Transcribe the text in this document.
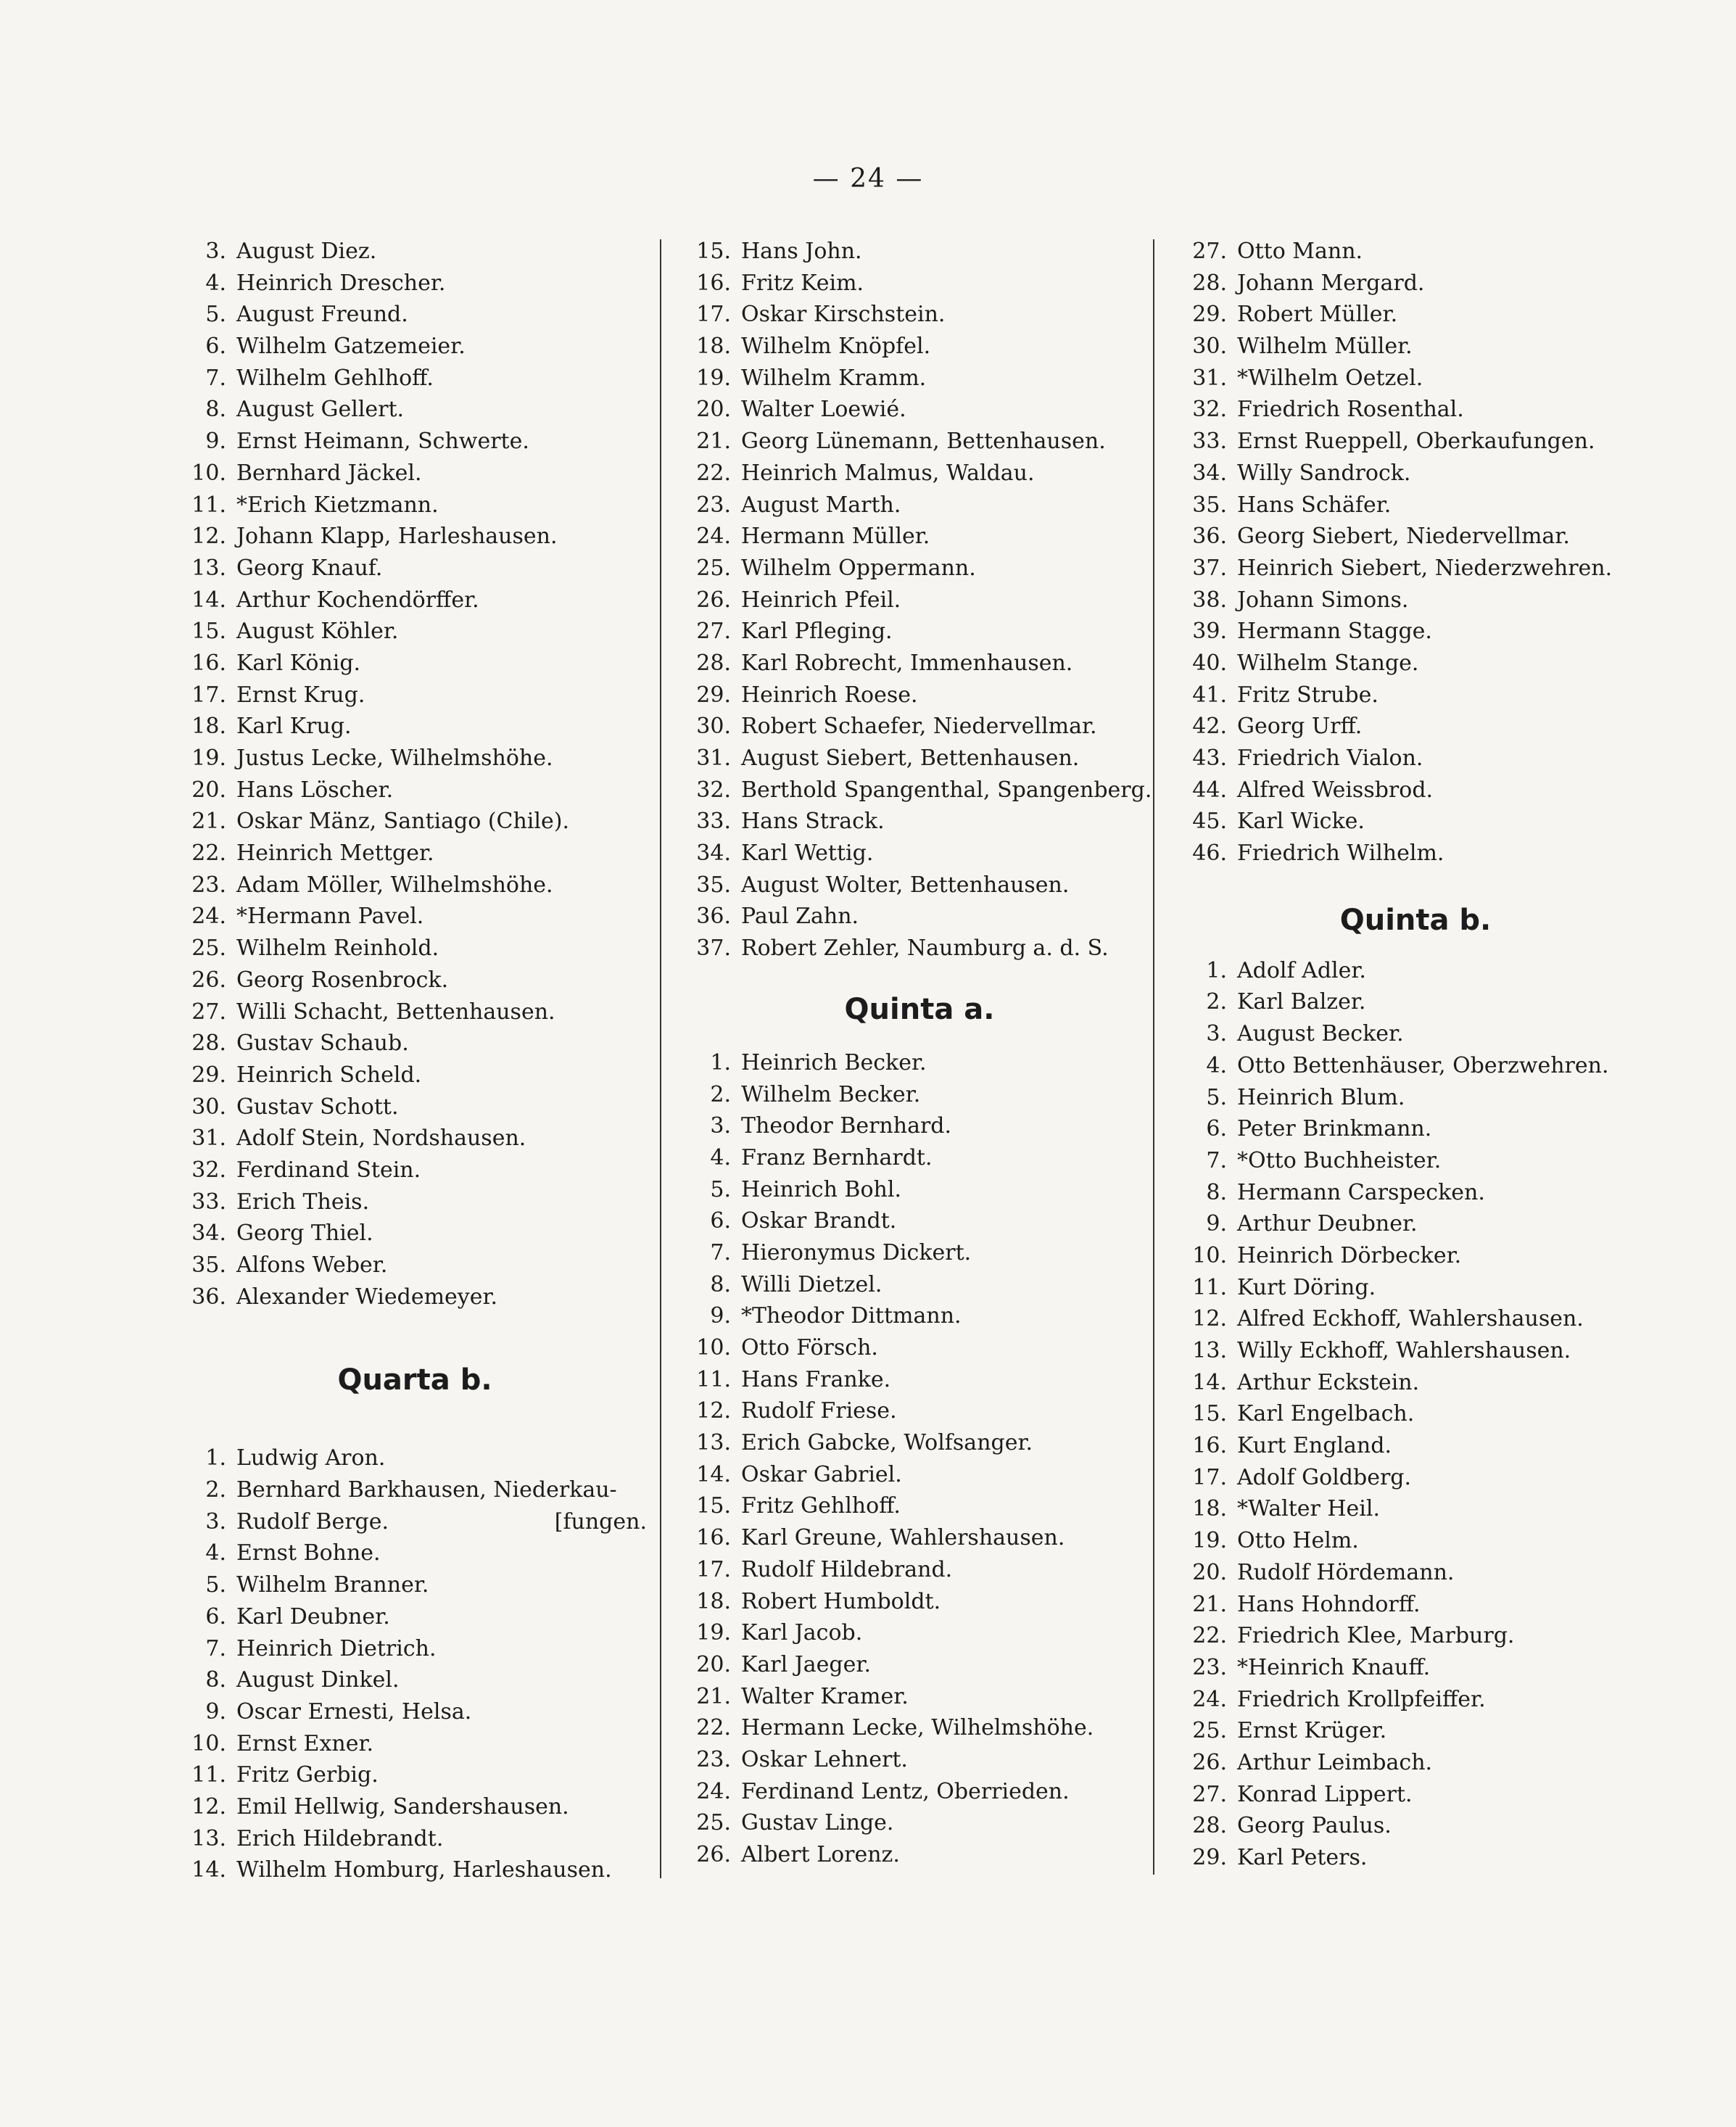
— 24 —
3. August Diez.
4. Heinrich Drescher.
5. August Freund.
6. Wilhelm Gatzemeier.
7. Wilhelm Gehlhoff.
8. August Gellert.
9. Ernst Heimann, Schwerte.
10. Bernhard Jäckel.
11. *Erich Kietzmann.
12. Johann Klapp, Harleshausen.
13. Georg Knauf.
14. Arthur Kochendörffer.
15. August Köhler.
16. Karl König.
17. Ernst Krug.
18. Karl Krug.
19. Justus Lecke, Wilhelmshöhe.
20. Hans Löscher.
21. Oskar Mänz, Santiago (Chile).
22. Heinrich Mettger.
23. Adam Möller, Wilhelmshöhe.
24. *Hermann Pavel.
25. Wilhelm Reinhold.
26. Georg Rosenbrock.
27. Willi Schacht, Bettenhausen.
28. Gustav Schaub.
29. Heinrich Scheld.
30. Gustav Schott.
31. Adolf Stein, Nordshausen.
32. Ferdinand Stein.
33. Erich Theis.
34. Georg Thiel.
35. Alfons Weber.
36. Alexander Wiedemeyer.
Quarta b.
1. Ludwig Aron.
2. Bernhard Barkhausen, Niederkau-
3. Rudolf Berge.	[fungen.
4. Ernst Bohne.
5. Wilhelm Branner.
6. Karl Deubner.
7. Heinrich Dietrich.
8. August Dinkel.
9. Oscar Ernesti, Helsa.
10. Ernst Exner.
11. Fritz Gerbig.
12. Emil Hellwig, Sandershausen.
13. Erich Hildebrandt.
14. Wilhelm Homburg, Harleshausen.
15. Hans John.
16. Fritz Keim.
17. Oskar Kirschstein.
18. Wilhelm Knöpfel.
19. Wilhelm Kramm.
20. Walter Loewié.
21. Georg Lünemann, Bettenhausen.
22. Heinrich Malmus, Waldau.
23. August Marth.
24. Hermann Müller.
25. Wilhelm Oppermann.
26. Heinrich Pfeil.
27. Karl Pfleging.
28. Karl Robrecht, Immenhausen.
29. Heinrich Roese.
30. Robert Schaefer, Niedervellmar.
31. August Siebert, Bettenhausen.
32. Berthold Spangenthal, Spangenberg.
33. Hans Strack.
34. Karl Wettig.
35. August Wolter, Bettenhausen.
36. Paul Zahn.
37. Robert Zehler, Naumburg a. d. S.
Quinta a.
1. Heinrich Becker.
2. Wilhelm Becker.
3. Theodor Bernhard.
4. Franz Bernhardt.
5. Heinrich Bohl.
6. Oskar Brandt.
7. Hieronymus Dickert.
8. Willi Dietzel.
9. *Theodor Dittmann.
10. Otto Försch.
11. Hans Franke.
12. Rudolf Friese.
13. Erich Gabcke, Wolfsanger.
14. Oskar Gabriel.
15. Fritz Gehlhoff.
16. Karl Greune, Wahlershausen.
17. Rudolf Hildebrand.
18. Robert Humboldt.
19. Karl Jacob.
20. Karl Jaeger.
21. Walter Kramer.
22. Hermann Lecke, Wilhelmshöhe.
23. Oskar Lehnert.
24. Ferdinand Lentz, Oberrieden.
25. Gustav Linge.
26. Albert Lorenz.
27. Otto Mann.
28. Johann Mergard.
29. Robert Müller.
30. Wilhelm Müller.
31. *Wilhelm Oetzel.
32. Friedrich Rosenthal.
33. Ernst Rueppell, Oberkaufungen.
34. Willy Sandrock.
35. Hans Schäfer.
36. Georg Siebert, Niedervellmar.
37. Heinrich Siebert, Niederzwehren.
38. Johann Simons.
39. Hermann Stagge.
40. Wilhelm Stange.
41. Fritz Strube.
42. Georg Urff.
43. Friedrich Vialon.
44. Alfred Weissbrod.
45. Karl Wicke.
46. Friedrich Wilhelm.
Quinta b.
1. Adolf Adler.
2. Karl Balzer.
3. August Becker.
4. Otto Bettenhäuser, Oberzwehren.
5. Heinrich Blum.
6. Peter Brinkmann.
7. *Otto Buchheister.
8. Hermann Carspecken.
9. Arthur Deubner.
10. Heinrich Dörbecker.
11. Kurt Döring.
12. Alfred Eckhoff, Wahlershausen.
13. Willy Eckhoff, Wahlershausen.
14. Arthur Eckstein.
15. Karl Engelbach.
16. Kurt England.
17. Adolf Goldberg.
18. *Walter Heil.
19. Otto Helm.
20. Rudolf Hördemann.
21. Hans Hohndorff.
22. Friedrich Klee, Marburg.
23. *Heinrich Knauff.
24. Friedrich Krollpfeiffer.
25. Ernst Krüger.
26. Arthur Leimbach.
27. Konrad Lippert.
28. Georg Paulus.
29. Karl Peters.
